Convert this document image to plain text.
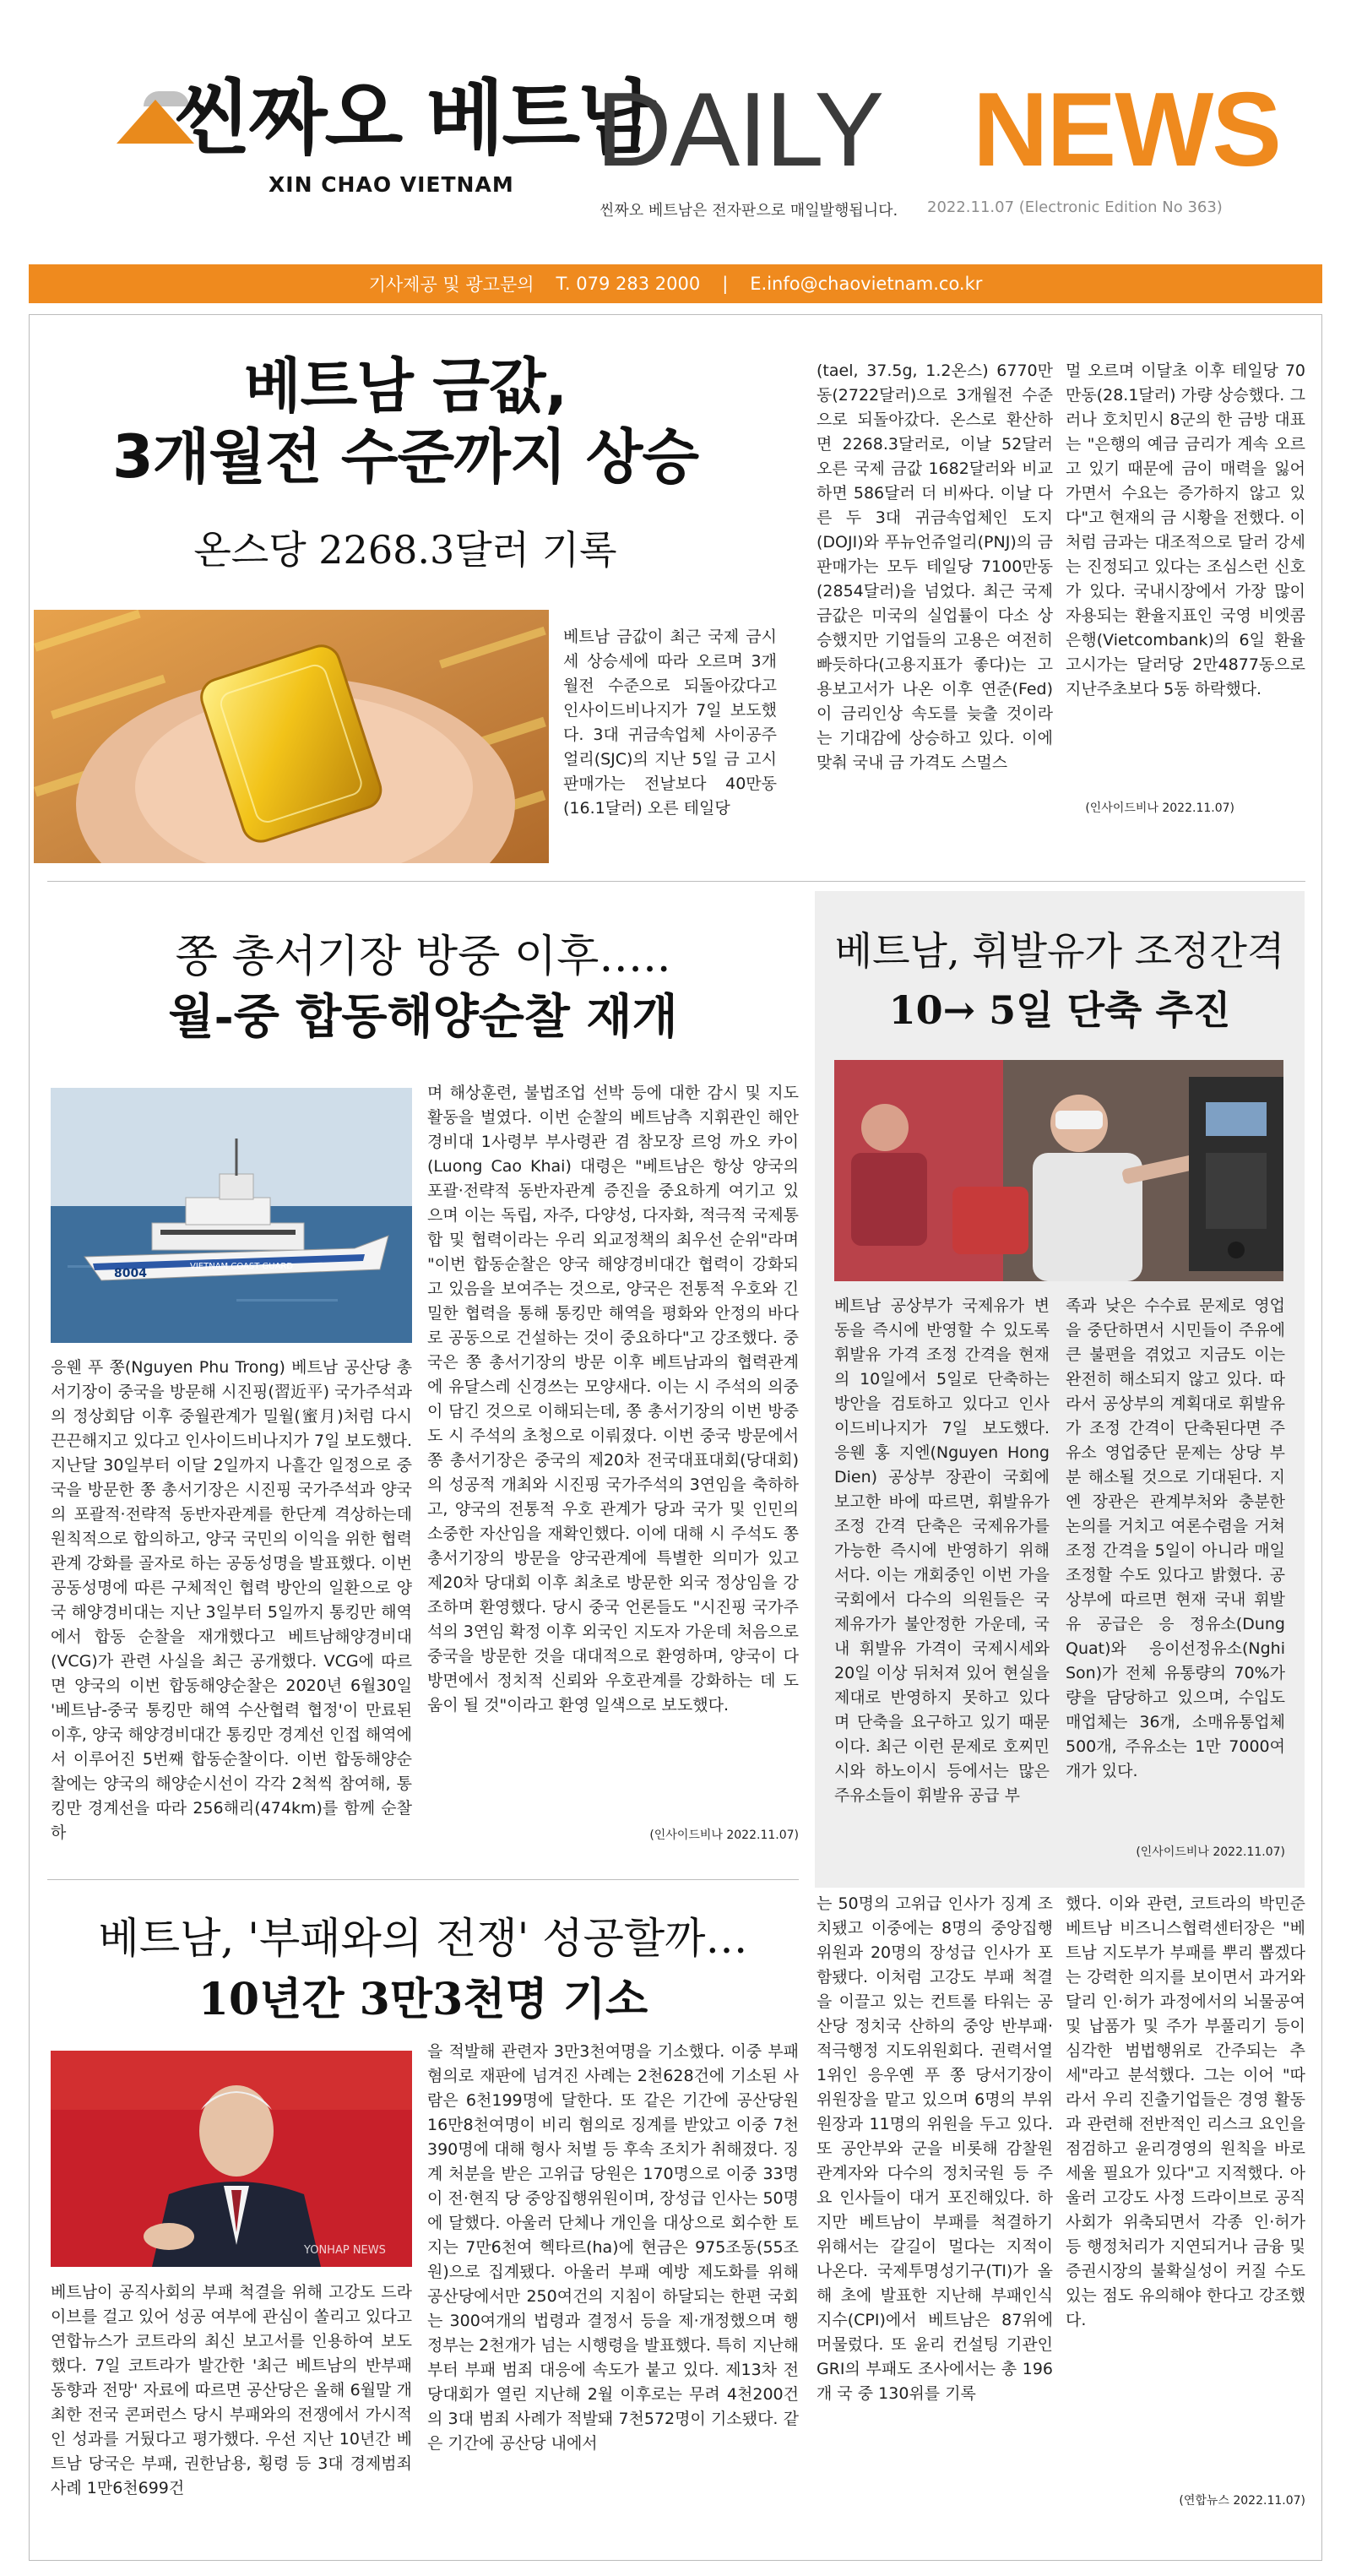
씬짜오 베트남
XIN CHAO VIETNAM DAILY NEWS
씬짜오 베트남은 전자판으로 매일발행됩니다. 2022.11.07 (Electronic Edition No 363)
기사제공 및 광고문의 T. 079 283 2000 | E.info@chaovietnam.co.kr
베트남 금값,
3개월전 수준까지 상승
온스당 2268.3달러 기록

베트남 금값이 최근 국제 금시세 상승세에 따라 오르며 3개월전 수준으로 되돌아갔다고 인사이드비나지가 7일 보도했다. 3대 귀금속업체 사이공주얼리(SJC)의 지난 5일 금 고시 판매가는 전날보다 40만동(16.1달러) 오른 테일당

(tael, 37.5g, 1.2온스) 6770만동(2722달러)으로 3개월전 수준으로 되돌아갔다. 온스로 환산하면 2268.3달러로, 이날 52달러 오른 국제 금값 1682달러와 비교하면 586달러 더 비싸다. 이날 다른 두 3대 귀금속업체인 도지(DOJI)와 푸뉴언쥬얼리(PNJ)의 금 판매가는 모두 테일당 7100만동(2854달러)을 넘었다. 최근 국제 금값은 미국의 실업률이 다소 상승했지만 기업들의 고용은 여전히 빠듯하다(고용지표가 좋다)는 고용보고서가 나온 이후 연준(Fed)이 금리인상 속도를 늦출 것이라는 기대감에 상승하고 있다. 이에 맞춰 국내 금 가격도 스멀스

멀 오르며 이달초 이후 테일당 70만동(28.1달러) 가량 상승했다. 그러나 호치민시 8군의 한 금방 대표는 "은행의 예금 금리가 계속 오르고 있기 때문에 금이 매력을 잃어가면서 수요는 증가하지 않고 있다"고 현재의 금 시황을 전했다. 이처럼 금과는 대조적으로 달러 강세는 진정되고 있다는 조심스런 신호가 있다. 국내시장에서 가장 많이 자용되는 환율지표인 국영 비엣콤은행(Vietcombank)의 6일 환율 고시가는 달러당 2만4877동으로 지난주초보다 5동 하락했다.

(인사이드비나 2022.11.07)
쫑 총서기장 방중 이후…..
월-중 합동해양순찰 재개
VIETNAM COAST GUARD
8004

응웬 푸 쫑(Nguyen Phu Trong) 베트남 공산당 총서기장이 중국을 방문해 시진핑(習近平) 국가주석과의 정상회담 이후 중월관계가 밀월(蜜月)처럼 다시 끈끈해지고 있다고 인사이드비나지가 7일 보도했다. 지난달 30일부터 이달 2일까지 나흘간 일정으로 중국을 방문한 쫑 총서기장은 시진핑 국가주석과 양국의 포괄적·전략적 동반자관계를 한단계 격상하는데 원칙적으로 합의하고, 양국 국민의 이익을 위한 협력관계 강화를 골자로 하는 공동성명을 발표했다. 이번 공동성명에 따른 구체적인 협력 방안의 일환으로 양국 해양경비대는 지난 3일부터 5일까지 통킹만 해역에서 합동 순찰을 재개했다고 베트남해양경비대(VCG)가 관련 사실을 최근 공개했다. VCG에 따르면 양국의 이번 합동해양순찰은 2020년 6월30일 '베트남-중국 통킹만 해역 수산협력 협정'이 만료된 이후, 양국 해양경비대간 통킹만 경계선 인접 해역에서 이루어진 5번째 합동순찰이다. 이번 합동해양순찰에는 양국의 해양순시선이 각각 2척씩 참여해, 통킹만 경계선을 따라 256해리(474km)를 함께 순찰하

며 해상훈련, 불법조업 선박 등에 대한 감시 및 지도 활동을 벌였다. 이번 순찰의 베트남측 지휘관인 해안경비대 1사령부 부사령관 겸 참모장 르엉 까오 카이(Luong Cao Khai) 대령은 "베트남은 항상 양국의 포괄·전략적 동반자관계 증진을 중요하게 여기고 있으며 이는 독립, 자주, 다양성, 다자화, 적극적 국제통합 및 협력이라는 우리 외교정책의 최우선 순위"라며 "이번 합동순찰은 양국 해양경비대간 협력이 강화되고 있음을 보여주는 것으로, 양국은 전통적 우호와 긴밀한 협력을 통해 통킹만 해역을 평화와 안정의 바다로 공동으로 건설하는 것이 중요하다"고 강조했다. 중국은 쫑 총서기장의 방문 이후 베트남과의 협력관계에 유달스레 신경쓰는 모양새다. 이는 시 주석의 의중이 담긴 것으로 이해되는데, 쫑 총서기장의 이번 방중도 시 주석의 초청으로 이뤄졌다. 이번 중국 방문에서 쫑 총서기장은 중국의 제20차 전국대표대회(당대회)의 성공적 개최와 시진핑 국가주석의 3연임을 축하하고, 양국의 전통적 우호 관계가 당과 국가 및 인민의 소중한 자산임을 재확인했다. 이에 대해 시 주석도 쫑 총서기장의 방문을 양국관계에 특별한 의미가 있고 제20차 당대회 이후 최초로 방문한 외국 정상임을 강조하며 환영했다. 당시 중국 언론들도 "시진핑 국가주석의 3연임 확정 이후 외국인 지도자 가운데 처음으로 중국을 방문한 것을 대대적으로 환영하며, 양국이 다방면에서 정치적 신뢰와 우호관계를 강화하는 데 도움이 될 것"이라고 환영 일색으로 보도했다.

(인사이드비나 2022.11.07)
베트남, 휘발유가 조정간격
10→ 5일 단축 추진

베트남 공상부가 국제유가 변동을 즉시에 반영할 수 있도록 휘발유 가격 조정 간격을 현재의 10일에서 5일로 단축하는 방안을 검토하고 있다고 인사이드비나지가 7일 보도했다. 응웬 홍 지엔(Nguyen Hong Dien) 공상부 장관이 국회에 보고한 바에 따르면, 휘발유가 조정 간격 단축은 국제유가를 가능한 즉시에 반영하기 위해서다. 이는 개회중인 이번 가을 국회에서 다수의 의원들은 국제유가가 불안정한 가운데, 국내 휘발유 가격이 국제시세와 20일 이상 뒤처져 있어 현실을 제대로 반영하지 못하고 있다며 단축을 요구하고 있기 때문이다. 최근 이런 문제로 호찌민시와 하노이시 등에서는 많은 주유소들이 휘발유 공급 부

족과 낮은 수수료 문제로 영업을 중단하면서 시민들이 주유에 큰 불편을 겪었고 지금도 이는 완전히 해소되지 않고 있다. 따라서 공상부의 계획대로 휘발유가 조정 간격이 단축된다면 주유소 영업중단 문제는 상당 부분 해소될 것으로 기대된다. 지엔 장관은 관계부처와 충분한 논의를 거치고 여론수렴을 거쳐 조정 간격을 5일이 아니라 매일 조정할 수도 있다고 밝혔다. 공상부에 따르면 현재 국내 휘발유 공급은 응 정유소(Dung Quat)와 응이선정유소(Nghi Son)가 전체 유통량의 70%가량을 담당하고 있으며, 수입도매업체는 36개, 소매유통업체 500개, 주유소는 1만 7000여개가 있다.

(인사이드비나 2022.11.07)
베트남, '부패와의 전쟁' 성공할까…
10년간 3만3천명 기소
YONHAP NEWS

베트남이 공직사회의 부패 척결을 위해 고강도 드라이브를 걸고 있어 성공 여부에 관심이 쏠리고 있다고 연합뉴스가 코트라의 최신 보고서를 인용하여 보도했다. 7일 코트라가 발간한 '최근 베트남의 반부패 동향과 전망' 자료에 따르면 공산당은 올해 6월말 개최한 전국 콘퍼런스 당시 부패와의 전쟁에서 가시적인 성과를 거뒀다고 평가했다. 우선 지난 10년간 베트남 당국은 부패, 권한남용, 횡령 등 3대 경제범죄 사례 1만6천699건

을 적발해 관련자 3만3천여명을 기소했다. 이중 부패 혐의로 재판에 넘겨진 사례는 2천628건에 기소된 사람은 6천199명에 달한다. 또 같은 기간에 공산당원 16만8천여명이 비리 혐의로 징계를 받았고 이중 7천390명에 대해 형사 처벌 등 후속 조치가 취해졌다. 징계 처분을 받은 고위급 당원은 170명으로 이중 33명이 전·현직 당 중앙집행위원이며, 장성급 인사는 50명에 달했다. 아울러 단체나 개인을 대상으로 회수한 토지는 7만6천여 헥타르(ha)에 현금은 975조동(55조원)으로 집계됐다. 아울러 부패 예방 제도화를 위해 공산당에서만 250여건의 지침이 하달되는 한편 국회는 300여개의 법령과 결정서 등을 제·개정했으며 행정부는 2천개가 넘는 시행령을 발표했다. 특히 지난해부터 부패 범죄 대응에 속도가 붙고 있다. 제13차 전당대회가 열린 지난해 2월 이후로는 무려 4천200건의 3대 범죄 사례가 적발돼 7천572명이 기소됐다. 같은 기간에 공산당 내에서

는 50명의 고위급 인사가 징계 조치됐고 이중에는 8명의 중앙집행위원과 20명의 장성급 인사가 포함됐다. 이처럼 고강도 부패 척결을 이끌고 있는 컨트롤 타워는 공산당 정치국 산하의 중앙 반부패·적극행정 지도위원회다. 권력서열 1위인 응우옌 푸 쫑 당서기장이 위원장을 맡고 있으며 6명의 부위원장과 11명의 위원을 두고 있다. 또 공안부와 군을 비롯해 감찰원 관계자와 다수의 정치국원 등 주요 인사들이 대거 포진해있다. 하지만 베트남이 부패를 척결하기 위해서는 갈길이 멀다는 지적이 나온다. 국제투명성기구(TI)가 올해 초에 발표한 지난해 부패인식지수(CPI)에서 베트남은 87위에 머물렀다. 또 윤리 컨설팅 기관인 GRI의 부패도 조사에서는 총 196개 국 중 130위를 기록

했다. 이와 관련, 코트라의 박민준 베트남 비즈니스협력센터장은 "베트남 지도부가 부패를 뿌리 뽑겠다는 강력한 의지를 보이면서 과거와 달리 인·허가 과정에서의 뇌물공여 및 납품가 및 주가 부풀리기 등이 심각한 범법행위로 간주되는 추세"라고 분석했다. 그는 이어 "따라서 우리 진출기업들은 경영 활동과 관련해 전반적인 리스크 요인을 점검하고 윤리경영의 원칙을 바로 세울 필요가 있다"고 지적했다. 아울러 고강도 사정 드라이브로 공직사회가 위축되면서 각종 인·허가 등 행정처리가 지연되거나 금융 및 증권시장의 불확실성이 커질 수도 있는 점도 유의해야 한다고 강조했다.

(연합뉴스 2022.11.07)
